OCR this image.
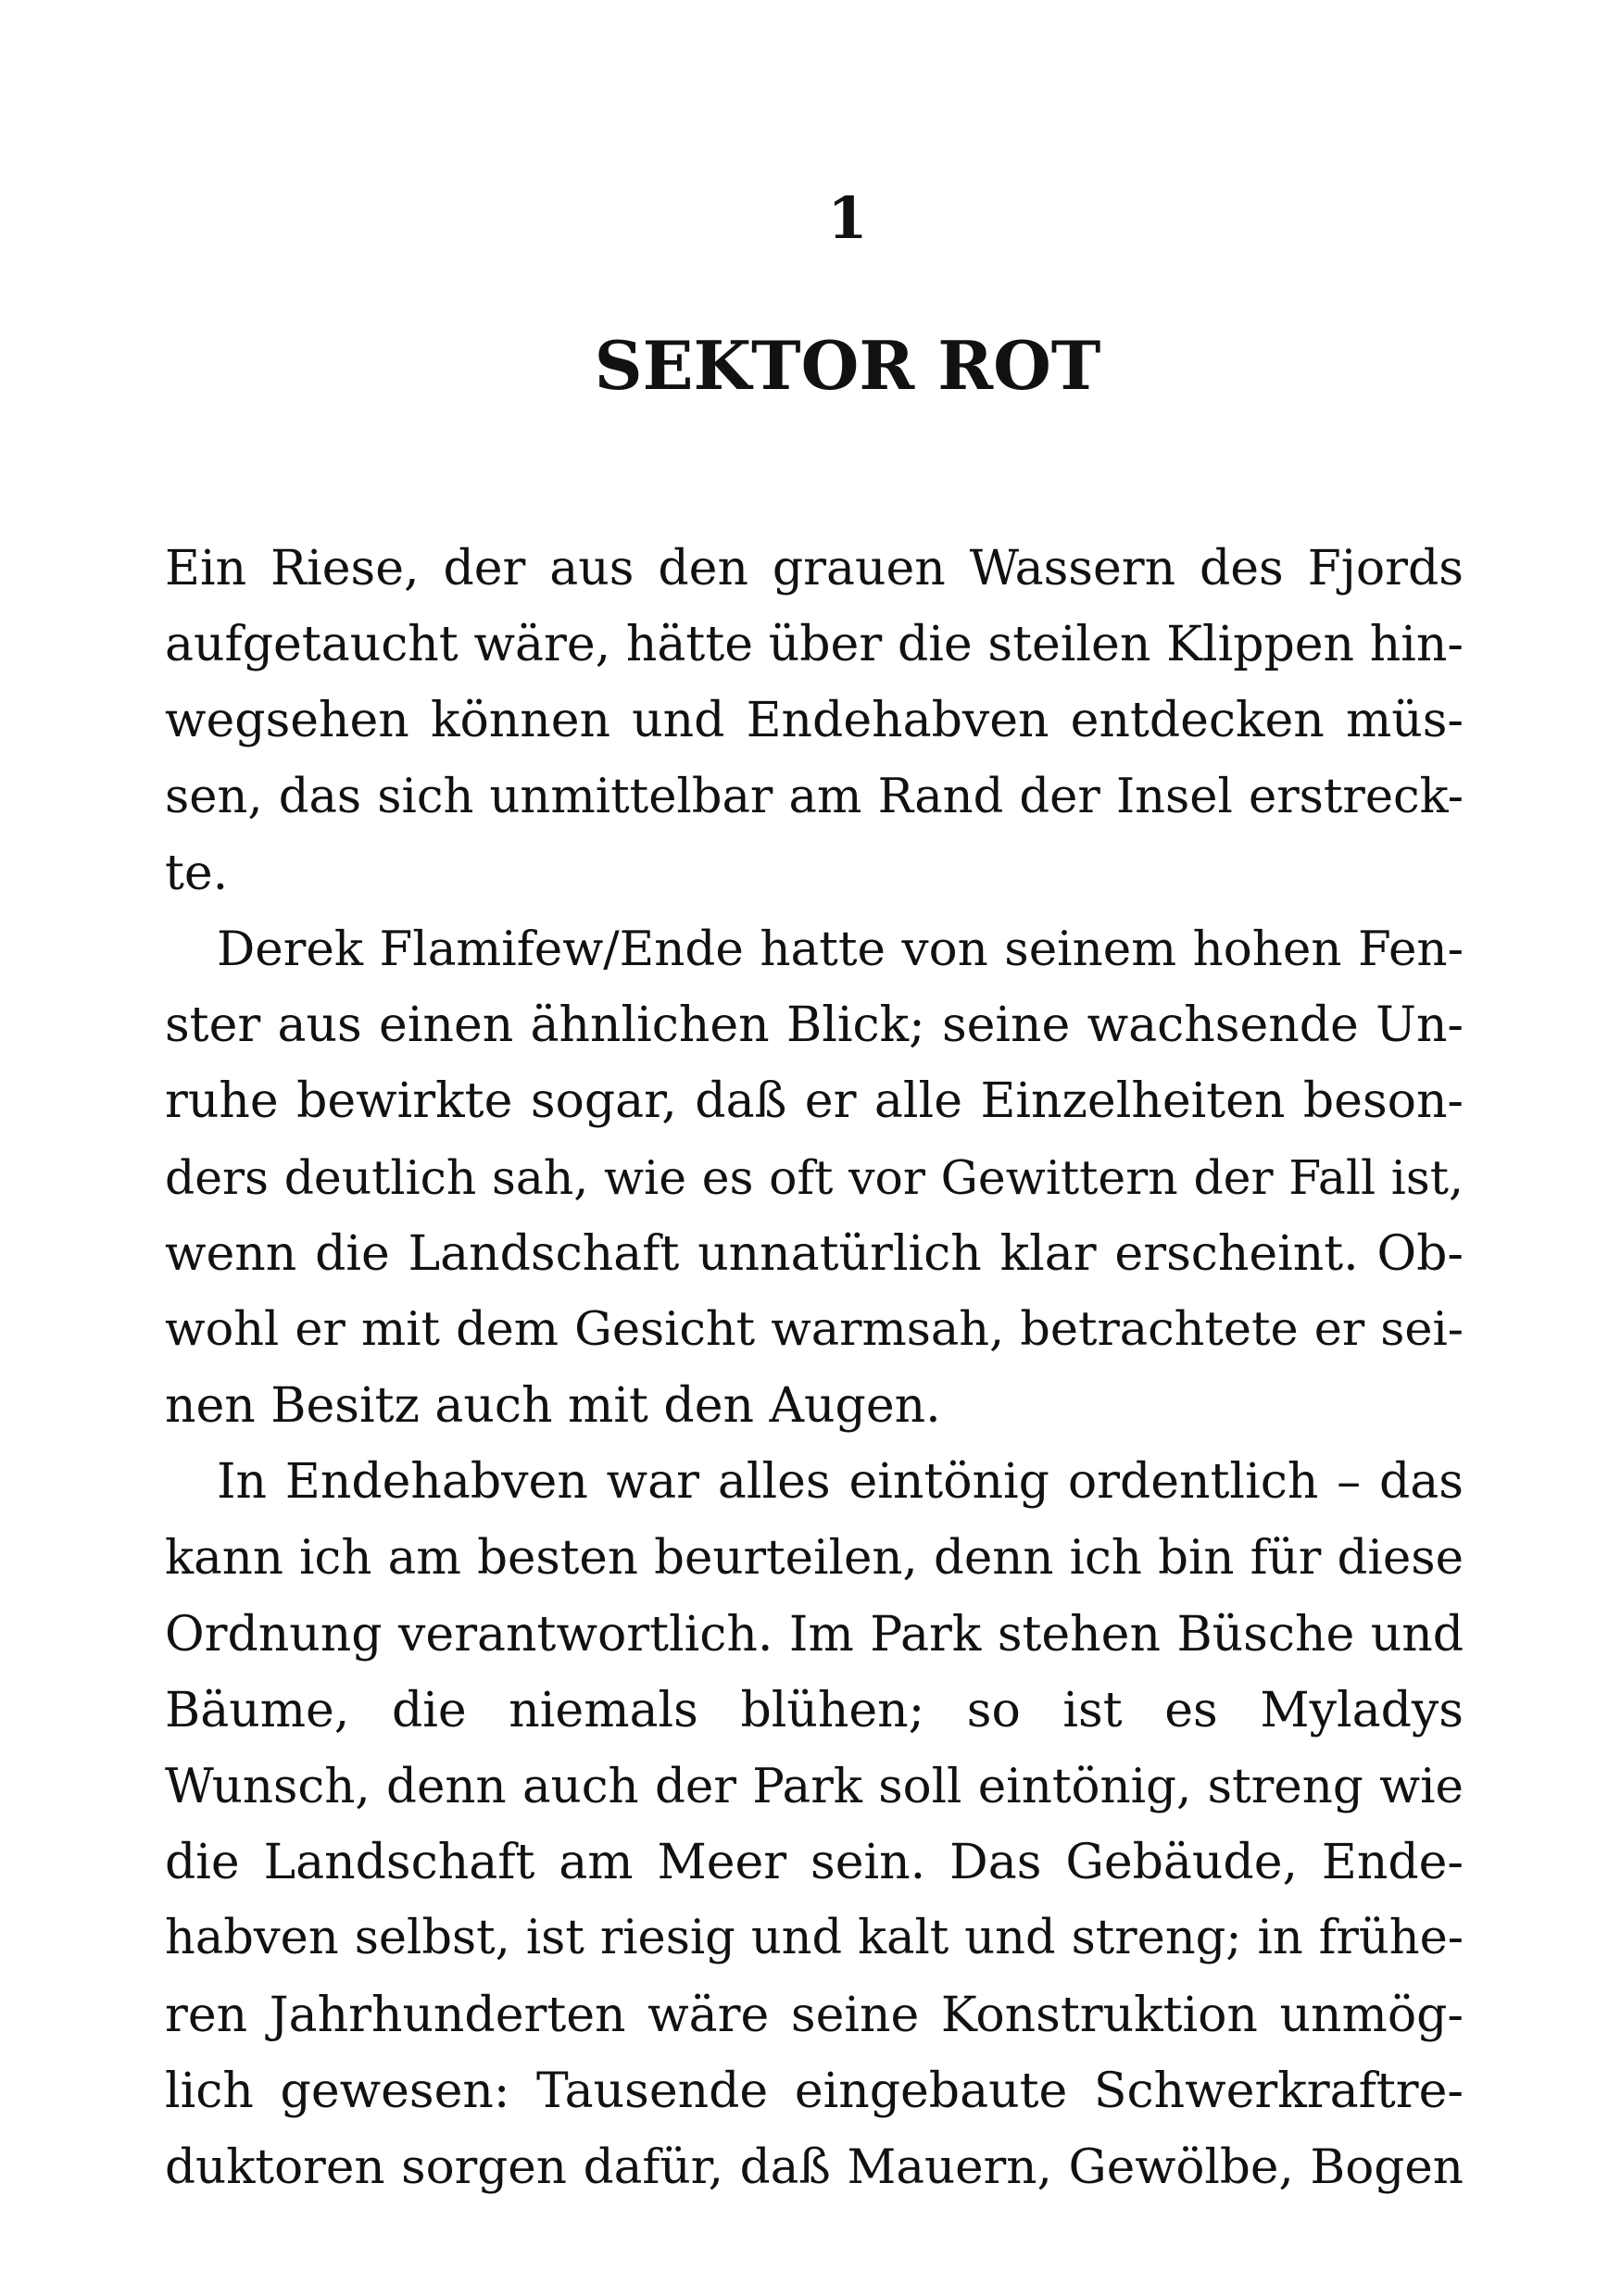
1
SEKTOR ROT

Ein Riese, der aus den grauen Wassern des Fjords
aufgetaucht wäre, hätte über die steilen Klippen hin-
wegsehen können und Endehabven entdecken müs-
sen, das sich unmittelbar am Rand der Insel erstreck-
te.

Derek Flamifew/Ende hatte von seinem hohen Fen-
ster aus einen ähnlichen Blick; seine wachsende Un-
ruhe bewirkte sogar, daß er alle Einzelheiten beson-
ders deutlich sah, wie es oft vor Gewittern der Fall ist,
wenn die Landschaft unnatürlich klar erscheint. Ob-
wohl er mit dem Gesicht warmsah, betrachtete er sei-
nen Besitz auch mit den Augen.

In Endehabven war alles eintönig ordentlich – das
kann ich am besten beurteilen, denn ich bin für diese
Ordnung verantwortlich. Im Park stehen Büsche und
Bäume, die niemals blühen; so ist es Myladys
Wunsch, denn auch der Park soll eintönig, streng wie
die Landschaft am Meer sein. Das Gebäude, Ende-
habven selbst, ist riesig und kalt und streng; in frühe-
ren Jahrhunderten wäre seine Konstruktion unmög-
lich gewesen: Tausende eingebaute Schwerkraftre-
duktoren sorgen dafür, daß Mauern, Gewölbe, Bogen
